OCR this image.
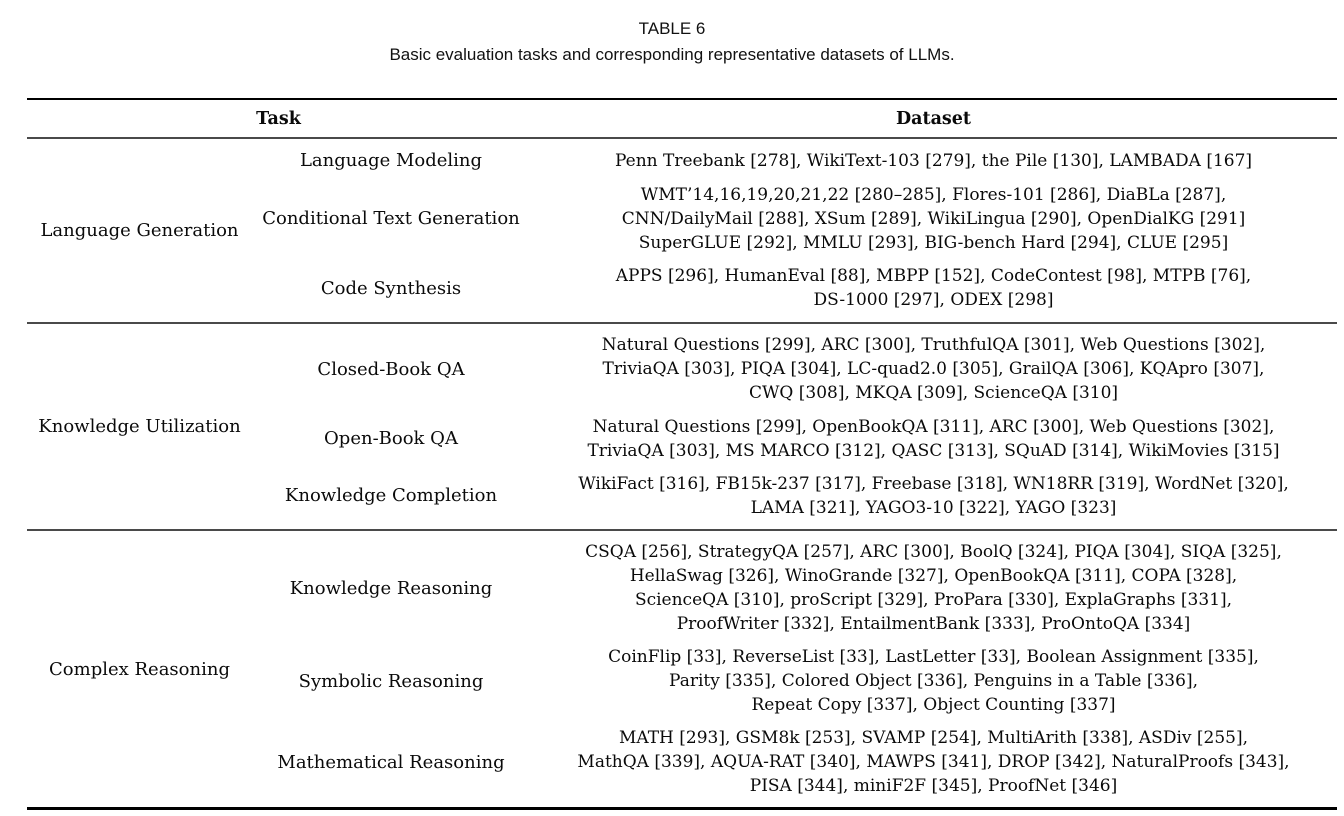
TABLE 6
Basic evaluation tasks and corresponding representative datasets of LLMs.
Task	Dataset
Language Generation
Language Modeling	Penn Treebank [278], WikiText-103 [279], the Pile [130], LAMBADA [167]
Conditional Text Generation
WMT’14,16,19,20,21,22 [280–285], Flores-101 [286], DiaBLa [287],
CNN/DailyMail [288], XSum [289], WikiLingua [290], OpenDialKG [291]
SuperGLUE [292], MMLU [293], BIG-bench Hard [294], CLUE [295]
Code Synthesis
APPS [296], HumanEval [88], MBPP [152], CodeContest [98], MTPB [76],
DS-1000 [297], ODEX [298]
Knowledge Utilization
Closed-Book QA
Natural Questions [299], ARC [300], TruthfulQA [301], Web Questions [302],
TriviaQA [303], PIQA [304], LC-quad2.0 [305], GrailQA [306], KQApro [307],
CWQ [308], MKQA [309], ScienceQA [310]
Open-Book QA
Natural Questions [299], OpenBookQA [311], ARC [300], Web Questions [302],
TriviaQA [303], MS MARCO [312], QASC [313], SQuAD [314], WikiMovies [315]
Knowledge Completion
WikiFact [316], FB15k-237 [317], Freebase [318], WN18RR [319], WordNet [320],
LAMA [321], YAGO3-10 [322], YAGO [323]
Complex Reasoning
Knowledge Reasoning
CSQA [256], StrategyQA [257], ARC [300], BoolQ [324], PIQA [304], SIQA [325],
HellaSwag [326], WinoGrande [327], OpenBookQA [311], COPA [328],
ScienceQA [310], proScript [329], ProPara [330], ExplaGraphs [331],
ProofWriter [332], EntailmentBank [333], ProOntoQA [334]
Symbolic Reasoning
CoinFlip [33], ReverseList [33], LastLetter [33], Boolean Assignment [335],
Parity [335], Colored Object [336], Penguins in a Table [336],
Repeat Copy [337], Object Counting [337]
Mathematical Reasoning
MATH [293], GSM8k [253], SVAMP [254], MultiArith [338], ASDiv [255],
MathQA [339], AQUA-RAT [340], MAWPS [341], DROP [342], NaturalProofs [343],
PISA [344], miniF2F [345], ProofNet [346]
